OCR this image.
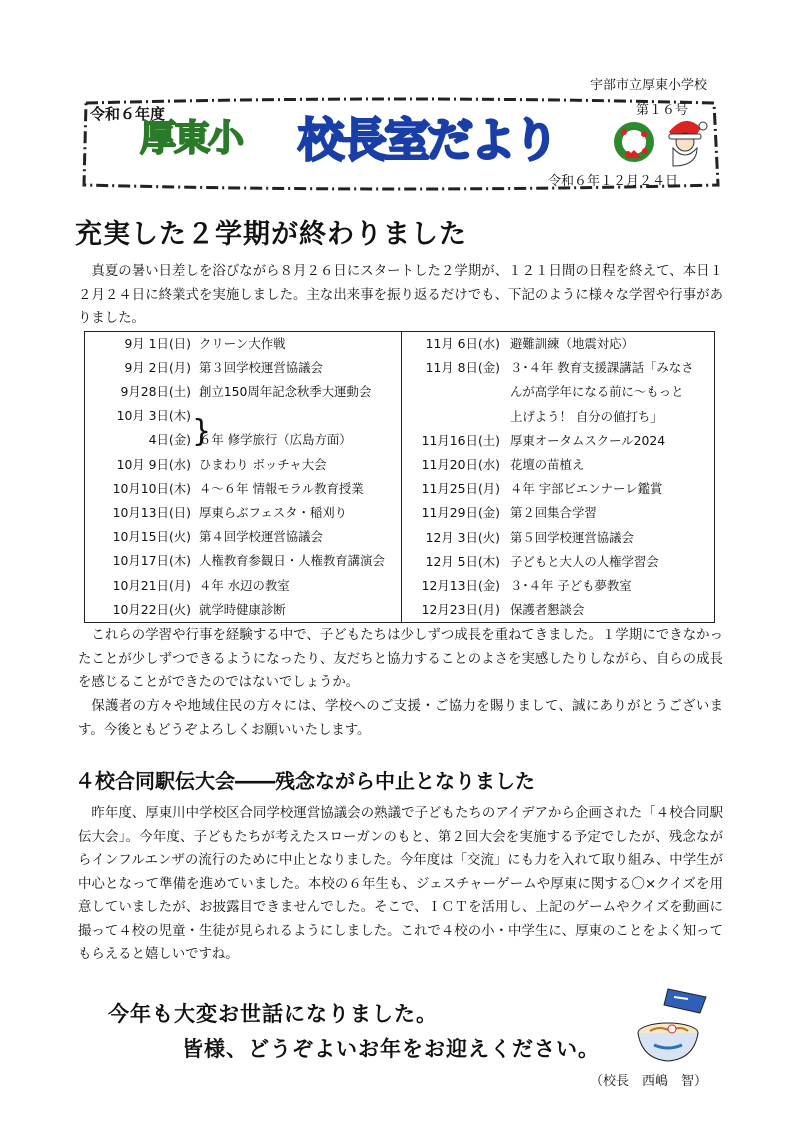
宇部市立厚東小学校
令和６年度
厚東小 校長室だより
第１６号
令和６年１２月２４日
充実した２学期が終わりました
真夏の暑い日差しを浴びながら８月２６日にスタートした２学期が、１２１日間の日程を終えて、本日１２月２４日に終業式を実施しました。主な出来事を振り返るだけでも、下記のように様々な学習や行事がありました。
9月 1日(日) クリーン大作戦
9月 2日(月) 第３回学校運営協議会
9月28日(土) 創立150周年記念秋季大運動会
10月 3日(木)
4日(金) ６年 修学旅行（広島方面）
10月 9日(水) ひまわり ボッチャ大会
10月10日(木) ４～６年 情報モラル教育授業
10月13日(日) 厚東らぶフェスタ・稲刈り
10月15日(火) 第４回学校運営協議会
10月17日(木) 人権教育参観日・人権教育講演会
10月21日(月) ４年 水辺の教室
10月22日(火) 就学時健康診断
}

11月 6日(水) 避難訓練（地震対応）
11月 8日(金) ３･４年 教育支援課講話「みなさ
んが高学年になる前に～もっと
上げよう！ 自分の値打ち」
11月16日(土) 厚東オータムスクール2024
11月20日(水) 花壇の苗植え
11月25日(月) ４年 宇部ビエンナーレ鑑賞
11月29日(金) 第２回集合学習
12月 3日(火) 第５回学校運営協議会
12月 5日(木) 子どもと大人の人権学習会
12月13日(金) ３･４年 子ども夢教室
12月23日(月) 保護者懇談会
これらの学習や行事を経験する中で、子どもたちは少しずつ成長を重ねてきました。１学期にできなかったことが少しずつできるようになったり、友だちと協力することのよさを実感したりしながら、自らの成長を感じることができたのではないでしょうか。
保護者の方々や地域住民の方々には、学校へのご支援・ご協力を賜りまして、誠にありがとうございます。今後ともどうぞよろしくお願いいたします。
４校合同駅伝大会――残念ながら中止となりました
昨年度、厚東川中学校区合同学校運営協議会の熟議で子どもたちのアイデアから企画された「４校合同駅伝大会」。今年度、子どもたちが考えたスローガンのもと、第２回大会を実施する予定でしたが、残念ながらインフルエンザの流行のために中止となりました。今年度は「交流」にも力を入れて取り組み、中学生が中心となって準備を進めていました。本校の６年生も、ジェスチャーゲームや厚東に関する〇×クイズを用意していましたが、お披露目できませんでした。そこで、ＩＣＴを活用し、上記のゲームやクイズを動画に撮って４校の児童・生徒が見られるようにしました。これで４校の小・中学生に、厚東のことをよく知ってもらえると嬉しいですね。
今年も大変お世話になりました。
皆様、どうぞよいお年をお迎えください。
（校長　西嶋　智）
